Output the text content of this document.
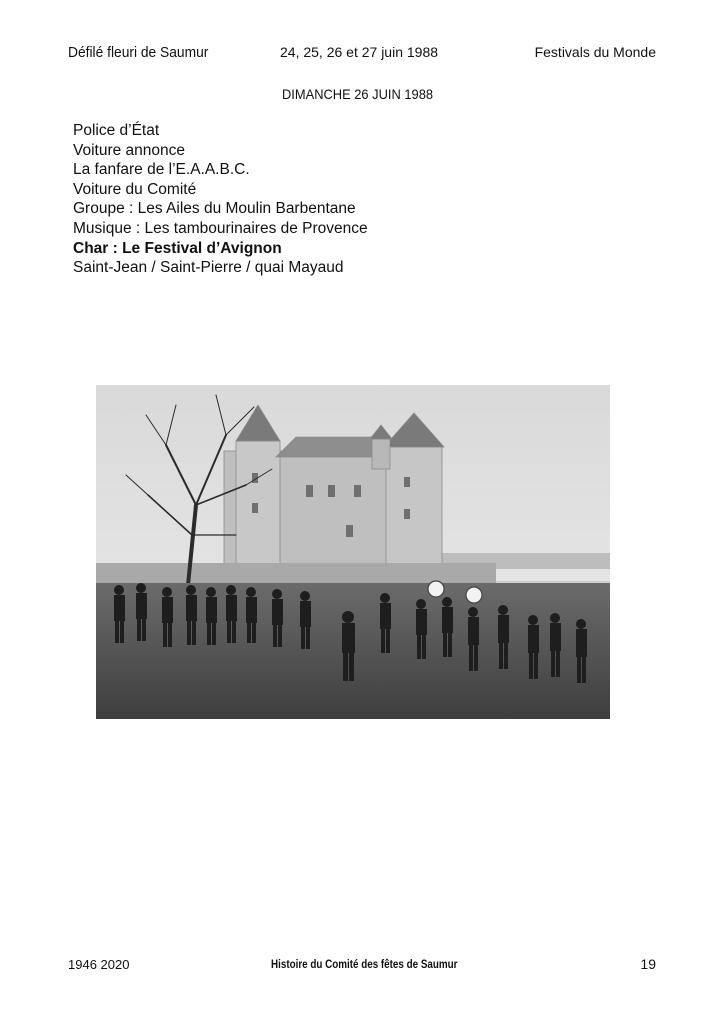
Défilé fleuri de Saumur	24, 25, 26 et 27 juin 1988	Festivals du Monde
DIMANCHE 26 JUIN 1988
Police d’État
Voiture annonce
La fanfare de l’E.A.A.B.C.
Voiture du Comité
Groupe : Les Ailes du Moulin Barbentane
Musique : Les tambourinaires de Provence
Char : Le Festival d’Avignon
Saint-Jean / Saint-Pierre / quai Mayaud
1946 2020	Histoire du Comité des fêtes de Saumur	19
